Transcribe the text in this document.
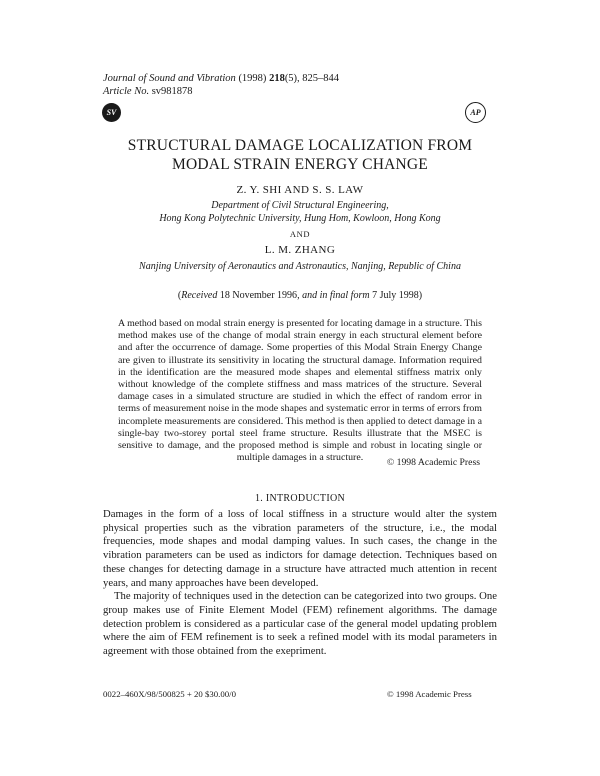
Journal of Sound and Vibration (1998) 218(5), 825–844
Article No. sv981878
SV	AP
STRUCTURAL DAMAGE LOCALIZATION FROM
MODAL STRAIN ENERGY CHANGE
Z. Y. SHI AND S. S. LAW
Department of Civil Structural Engineering,
Hong Kong Polytechnic University, Hung Hom, Kowloon, Hong Kong
AND
L. M. ZHANG
Nanjing University of Aeronautics and Astronautics, Nanjing, Republic of China
(Received 18 November 1996, and in final form 7 July 1998)

A method based on modal strain energy is presented for locating damage in a structure. This method makes use of the change of modal strain energy in each structural element before and after the occurrence of damage. Some properties of this Modal Strain Energy Change are given to illustrate its sensitivity in locating the structural damage. Information required in the identification are the measured mode shapes and elemental stiffness matrix only without knowledge of the complete stiffness and mass matrices of the structure. Several damage cases in a simulated structure are studied in which the effect of random error in terms of measurement noise in the mode shapes and systematic error in terms of errors from incomplete measurements are considered. This method is then applied to detect damage in a single-bay two-storey portal steel frame structure. Results illustrate that the MSEC is sensitive to damage, and the proposed method is simple and robust in locating single or multiple damages in a structure.	© 1998 Academic Press
1. INTRODUCTION

Damages in the form of a loss of local stiffness in a structure would alter the system physical properties such as the vibration parameters of the structure, i.e., the modal frequencies, mode shapes and modal damping values. In such cases, the change in the vibration parameters can be used as indictors for damage detection. Techniques based on these changes for detecting damage in a structure have attracted much attention in recent years, and many approaches have been developed.

The majority of techniques used in the detection can be categorized into two groups. One group makes use of Finite Element Model (FEM) refinement algorithms. The damage detection problem is considered as a particular case of the general model updating problem where the aim of FEM refinement is to seek a refined model with its modal parameters in agreement with those obtained from the exepriment.

0022–460X/98/500825 + 20 $30.00/0	© 1998 Academic Press
